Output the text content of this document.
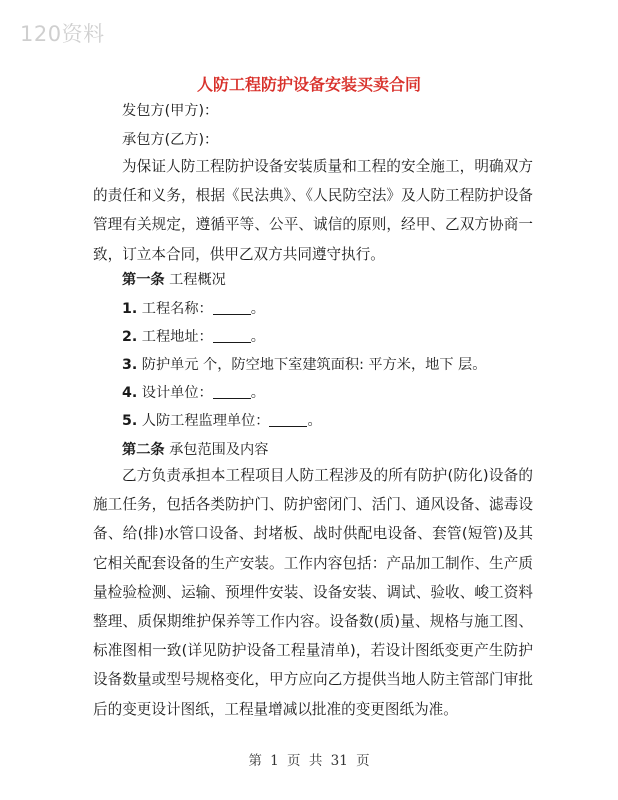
120资料
人防工程防护设备安装买卖合同
发包方(甲方)：
承包方(乙方)：
为保证人防工程防护设备安装质量和工程的安全施工，明确双方的责任和义务，根据《民法典》、《人民防空法》及人防工程防护设备管理有关规定，遵循平等、公平、诚信的原则，经甲、乙双方协商一致，订立本合同，供甲乙双方共同遵守执行。
第一条 工程概况
1. 工程名称：	。
2. 工程地址：	。
3. 防护单元 个，防空地下室建筑面积: 平方米，地下 层。
4. 设计单位：	。
5. 人防工程监理单位：	。
第二条 承包范围及内容
乙方负责承担本工程项目人防工程涉及的所有防护(防化)设备的施工任务，包括各类防护门、防护密闭门、活门、通风设备、滤毒设备、给(排)水管口设备、封堵板、战时供配电设备、套管(短管)及其它相关配套设备的生产安装。工作内容包括：产品加工制作、生产质量检验检测、运输、预埋件安装、设备安装、调试、验收、峻工资料整理、质保期维护保养等工作内容。设备数(质)量、规格与施工图、标准图相一致(详见防护设备工程量清单)，若设计图纸变更产生防护设备数量或型号规格变化，甲方应向乙方提供当地人防主管部门审批后的变更设计图纸，工程量增减以批准的变更图纸为准。
第 1 页 共 31 页
